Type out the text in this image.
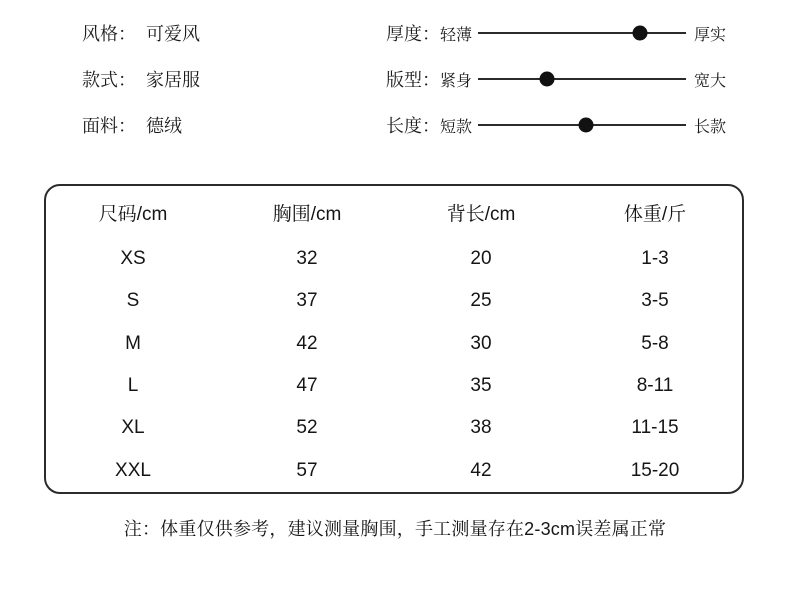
风格： 可爱风
款式： 家居服
面料： 德绒
厚度： 轻薄	厚实
版型： 紧身	宽大
长度： 短款	长款
尺码/cm	胸围/cm	背长/cm	体重/斤
XS	32	20	1-3
S	37	25	3-5
M	42	30	5-8
L	47	35	8-11
XL	52	38	11-15
XXL	57	42	15-20
注：体重仅供参考，建议测量胸围，手工测量存在2-3cm误差属正常
